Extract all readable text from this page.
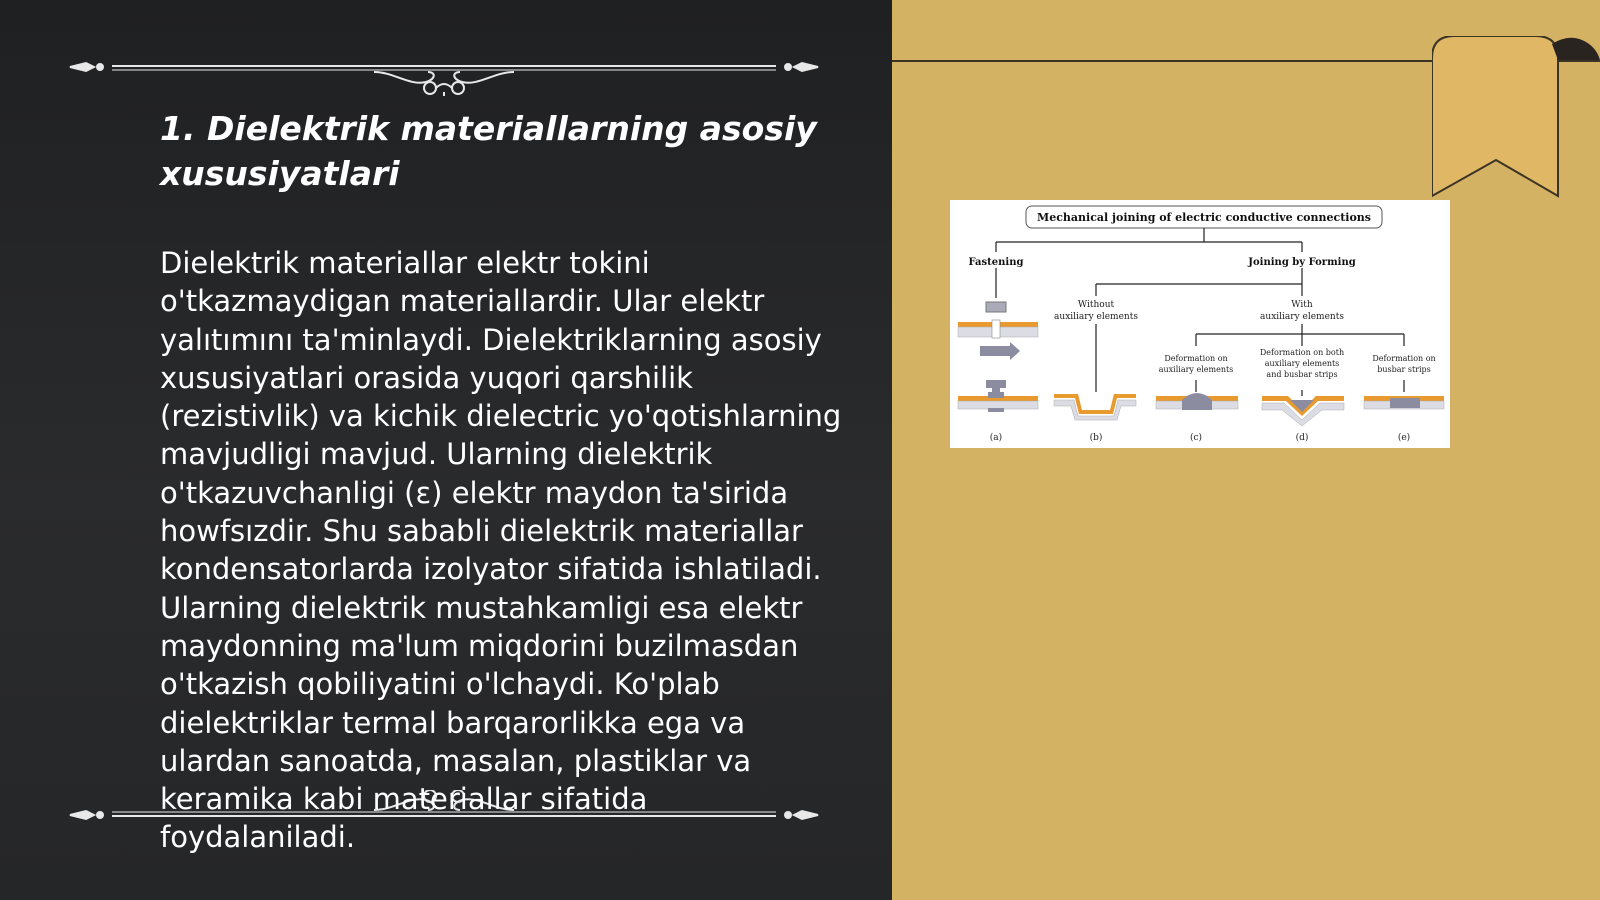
1. Dielektrik materiallarning asosiy xususiyatlari

Dielektrik materiallar elektr tokini o'tkazmaydigan materiallardir. Ular elektr yalıtımını ta'minlaydi. Dielektriklarning asosiy xususiyatlari orasida yuqori qarshilik (rezistivlik) va kichik dielectric yo'qotishlarning mavjudligi mavjud. Ularning dielektrik o'tkazuvchanligi (ε) elektr maydon ta'sirida howfsızdir. Shu sababli dielektrik materiallar kondensatorlarda izolyator sifatida ishlatiladi. Ularning dielektrik mustahkamligi esa elektr maydonning ma'lum miqdorini buzilmasdan o'tkazish qobiliyatini o'lchaydi. Ko'plab dielektriklar termal barqarorlikka ega va ulardan sanoatda, masalan, plastiklar va keramika kabi materiallar sifatida foydalaniladi.

Mechanical joining of electric conductive connections
Fastening	Joining by Forming
Without
auxiliary elements
With
auxiliary elements
Deformation on
auxiliary elements
Deformation on both
auxiliary elements
and busbar strips
Deformation on
busbar strips
(a)	(b)	(c)	(d)	(e)
